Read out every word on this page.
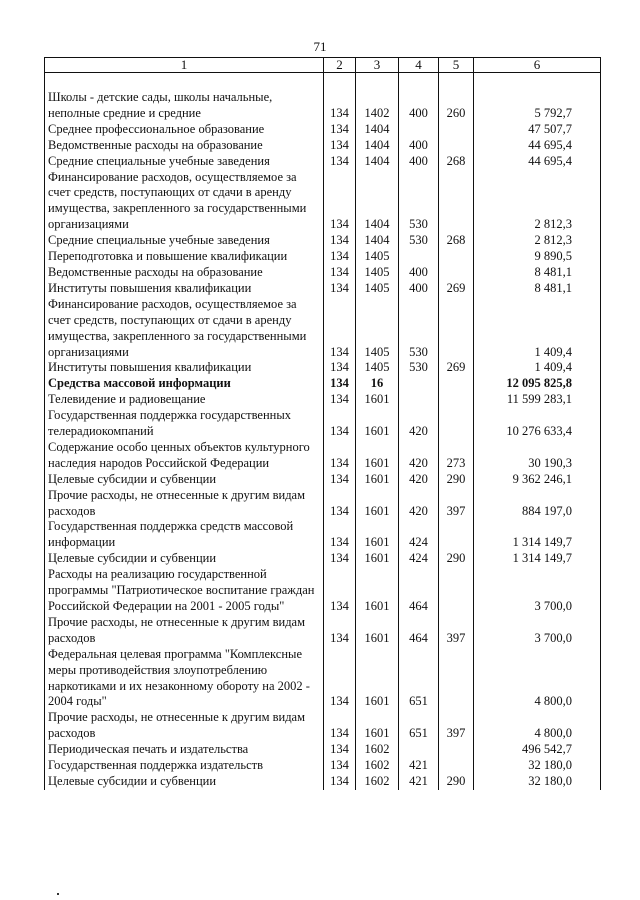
71
1	2	3	4	5	6

Школы - детские сады, школы начальные, неполные средние и средние	134	1402	400	260	5 792,7
Среднее профессиональное образование	134	1404			47 507,7
Ведомственные расходы на образование	134	1404	400		44 695,4
Средние специальные учебные заведения	134	1404	400	268	44 695,4
Финансирование расходов, осуществляемое за счет средств, поступающих от сдачи в аренду имущества, закрепленного за государственными организациями	134	1404	530		2 812,3
Средние специальные учебные заведения	134	1404	530	268	2 812,3
Переподготовка и повышение квалификации	134	1405			9 890,5
Ведомственные расходы на образование	134	1405	400		8 481,1
Институты повышения квалификации	134	1405	400	269	8 481,1
Финансирование расходов, осуществляемое за счет средств, поступающих от сдачи в аренду имущества, закрепленного за государственными организациями	134	1405	530		1 409,4
Институты повышения квалификации	134	1405	530	269	1 409,4
Средства массовой информации	134	16			12 095 825,8
Телевидение и радиовещание	134	1601			11 599 283,1
Государственная поддержка государственных телерадиокомпаний	134	1601	420		10 276 633,4
Содержание особо ценных объектов культурного наследия народов Российской Федерации	134	1601	420	273	30 190,3
Целевые субсидии и субвенции	134	1601	420	290	9 362 246,1
Прочие расходы, не отнесенные к другим видам расходов	134	1601	420	397	884 197,0
Государственная поддержка средств массовой информации	134	1601	424		1 314 149,7
Целевые субсидии и субвенции	134	1601	424	290	1 314 149,7
Расходы на реализацию государственной программы "Патриотическое воспитание граждан Российской Федерации на 2001 - 2005 годы"	134	1601	464		3 700,0
Прочие расходы, не отнесенные к другим видам расходов	134	1601	464	397	3 700,0
Федеральная целевая программа "Комплексные меры противодействия злоупотреблению наркотиками и их незаконному обороту на 2002 - 2004 годы"	134	1601	651		4 800,0
Прочие расходы, не отнесенные к другим видам расходов	134	1601	651	397	4 800,0
Периодическая печать и издательства	134	1602			496 542,7
Государственная поддержка издательств	134	1602	421		32 180,0
Целевые субсидии и субвенции	134	1602	421	290	32 180,0
